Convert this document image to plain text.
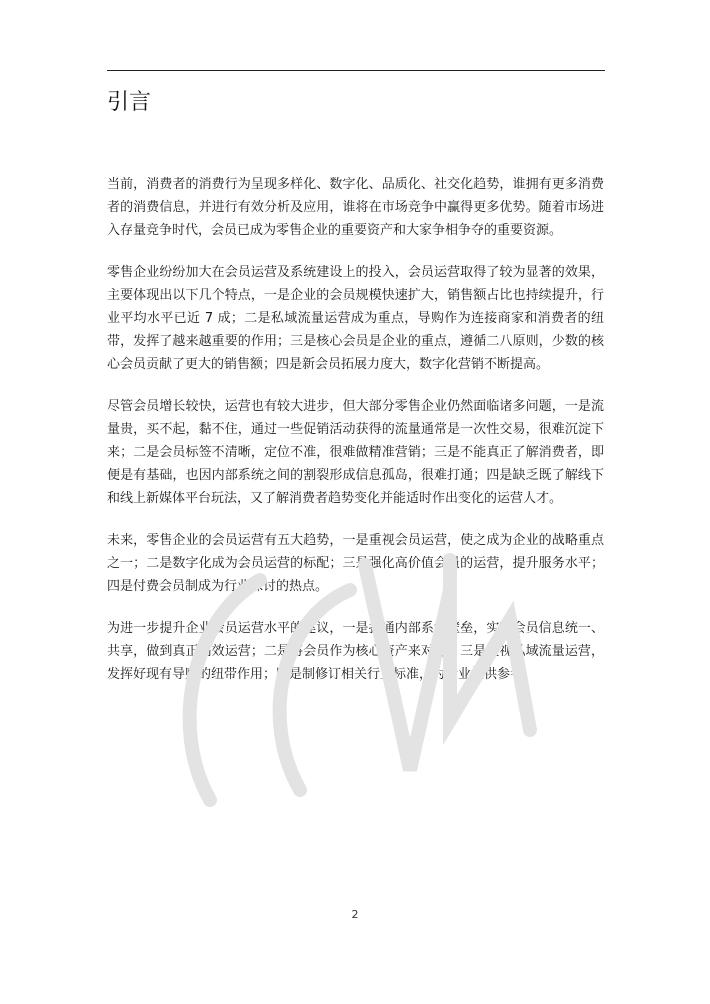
引言

当前，消费者的消费行为呈现多样化、数字化、品质化、社交化趋势，谁拥有更多消费者的消费信息，并进行有效分析及应用，谁将在市场竞争中赢得更多优势。随着市场进入存量竞争时代，会员已成为零售企业的重要资产和大家争相争夺的重要资源。

零售企业纷纷加大在会员运营及系统建设上的投入，会员运营取得了较为显著的效果，主要体现出以下几个特点，一是企业的会员规模快速扩大，销售额占比也持续提升，行业平均水平已近 7 成；二是私域流量运营成为重点，导购作为连接商家和消费者的纽带，发挥了越来越重要的作用；三是核心会员是企业的重点，遵循二八原则，少数的核心会员贡献了更大的销售额；四是新会员拓展力度大，数字化营销不断提高。

尽管会员增长较快，运营也有较大进步，但大部分零售企业仍然面临诸多问题，一是流量贵，买不起，黏不住，通过一些促销活动获得的流量通常是一次性交易，很难沉淀下来；二是会员标签不清晰，定位不准，很难做精准营销；三是不能真正了解消费者，即便是有基础，也因内部系统之间的割裂形成信息孤岛，很难打通；四是缺乏既了解线下和线上新媒体平台玩法，又了解消费者趋势变化并能适时作出变化的运营人才。

未来，零售企业的会员运营有五大趋势，一是重视会员运营，使之成为企业的战略重点之一；二是数字化成为会员运营的标配；三是强化高价值会员的运营，提升服务水平；四是付费会员制成为行业探讨的热点。

为进一步提升企业会员运营水平的建议，一是打通内部系统壁垒，实现会员信息统一、共享，做到真正高效运营；二是将会员作为核心资产来对待，三是重视私域流量运营，发挥好现有导购的纽带作用；四是制修订相关行业标准，为行业提供参考。

2
